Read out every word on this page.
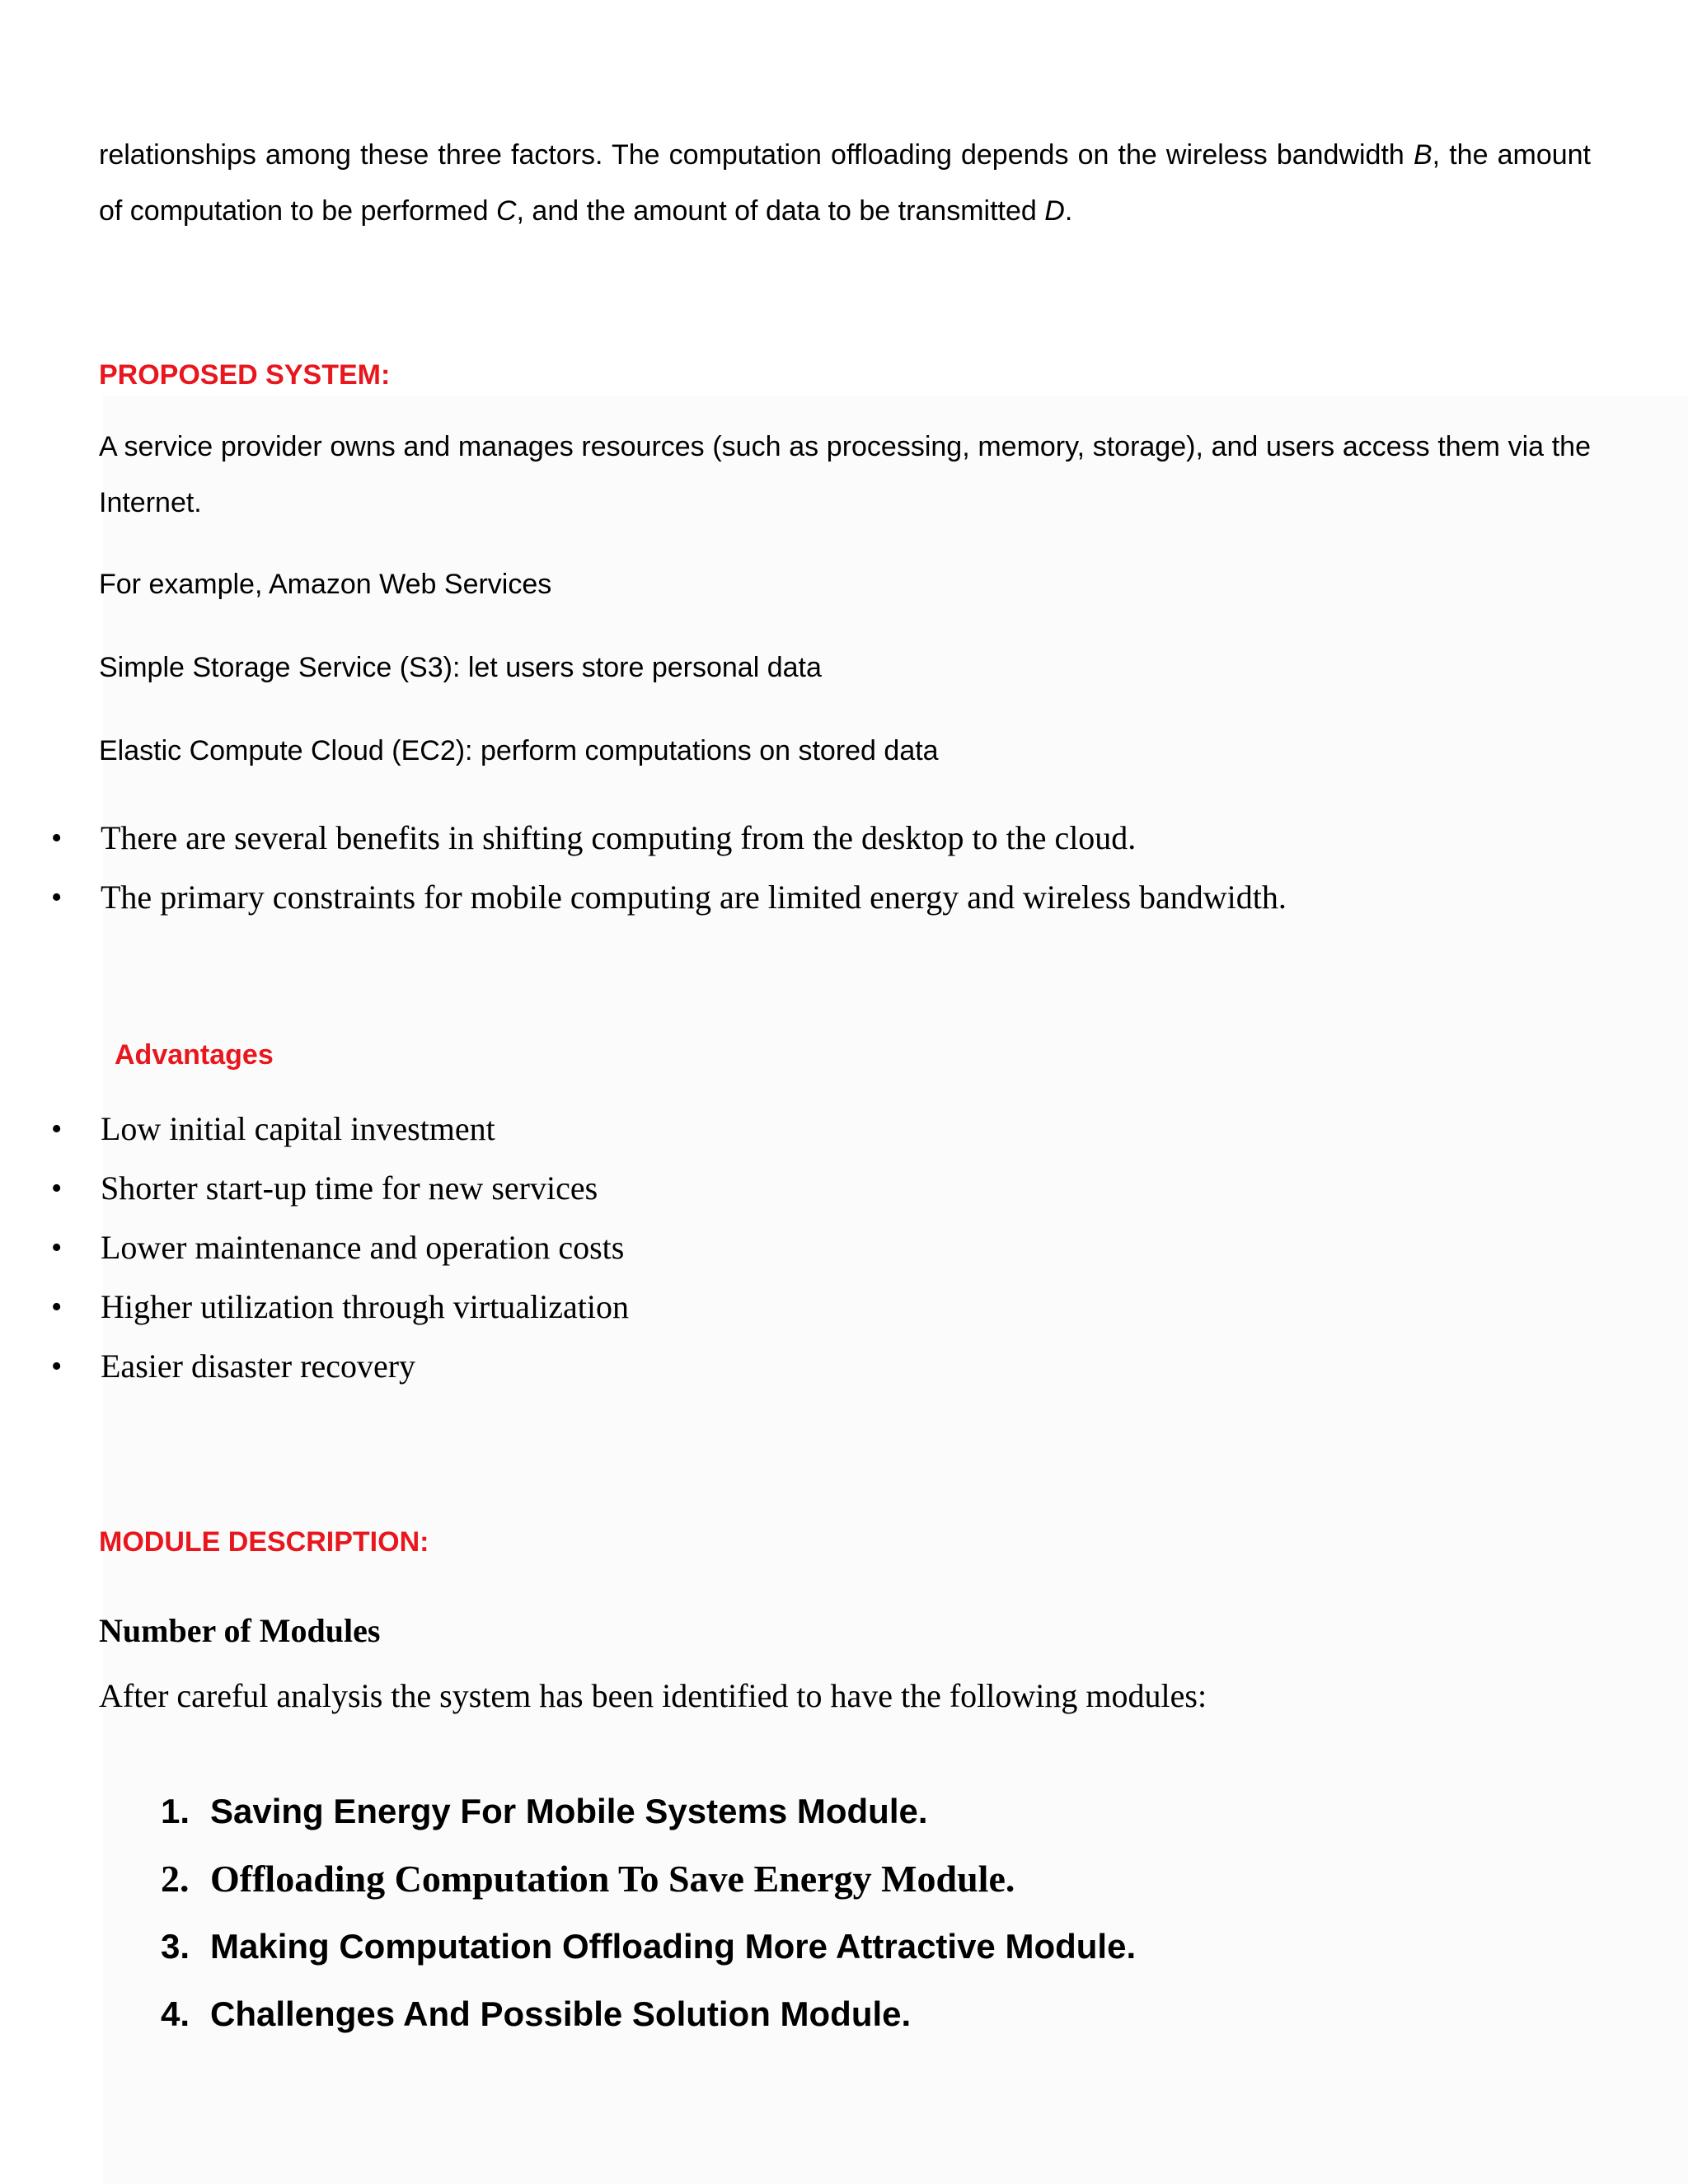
relationships among these three factors. The computation offloading depends on the wireless bandwidth B, the amount of computation to be performed C, and the amount of data to be transmitted D.

PROPOSED SYSTEM:

A service provider owns and manages resources (such as processing, memory, storage), and users access them via the Internet.

For example, Amazon Web Services

Simple Storage Service (S3): let users store personal data

Elastic Compute Cloud (EC2): perform computations on stored data

• There are several benefits in shifting computing from the desktop to the cloud.
• The primary constraints for mobile computing are limited energy and wireless bandwidth.

Advantages

• Low initial capital investment
• Shorter start-up time for new services
• Lower maintenance and operation costs
• Higher utilization through virtualization
• Easier disaster recovery

MODULE DESCRIPTION:

Number of Modules

After careful analysis the system has been identified to have the following modules:

1. Saving Energy For Mobile Systems Module.
2. Offloading Computation To Save Energy Module.
3. Making Computation Offloading More Attractive Module.
4. Challenges And Possible Solution Module.
